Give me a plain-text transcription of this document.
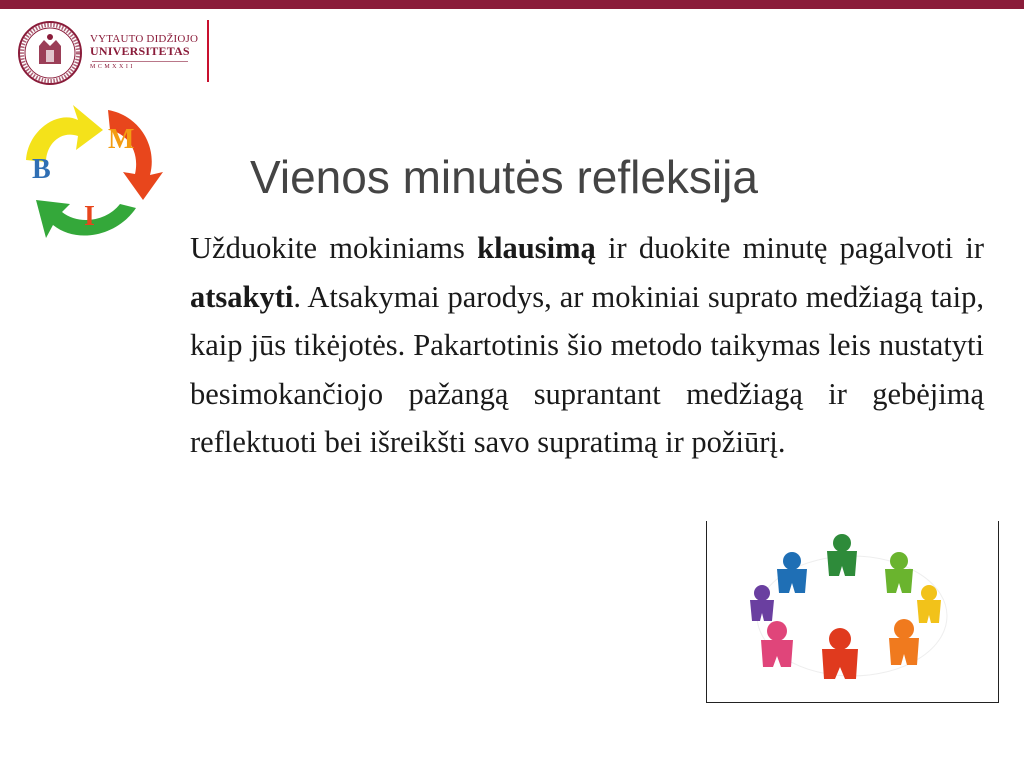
VYTAUTO DIDŽIOJO
UNIVERSITETAS
MCMXXII
B
M
I
Vienos minutės refleksija

Užduokite mokiniams klausimą ir duokite minutę pagalvoti ir atsakyti. Atsakymai parodys, ar mokiniai suprato medžiagą taip, kaip jūs tikėjotės. Pakartotinis šio metodo taikymas leis nustatyti besimokančiojo pažangą suprantant medžiagą ir gebėjimą reflektuoti bei išreikšti savo supratimą ir požiūrį.
